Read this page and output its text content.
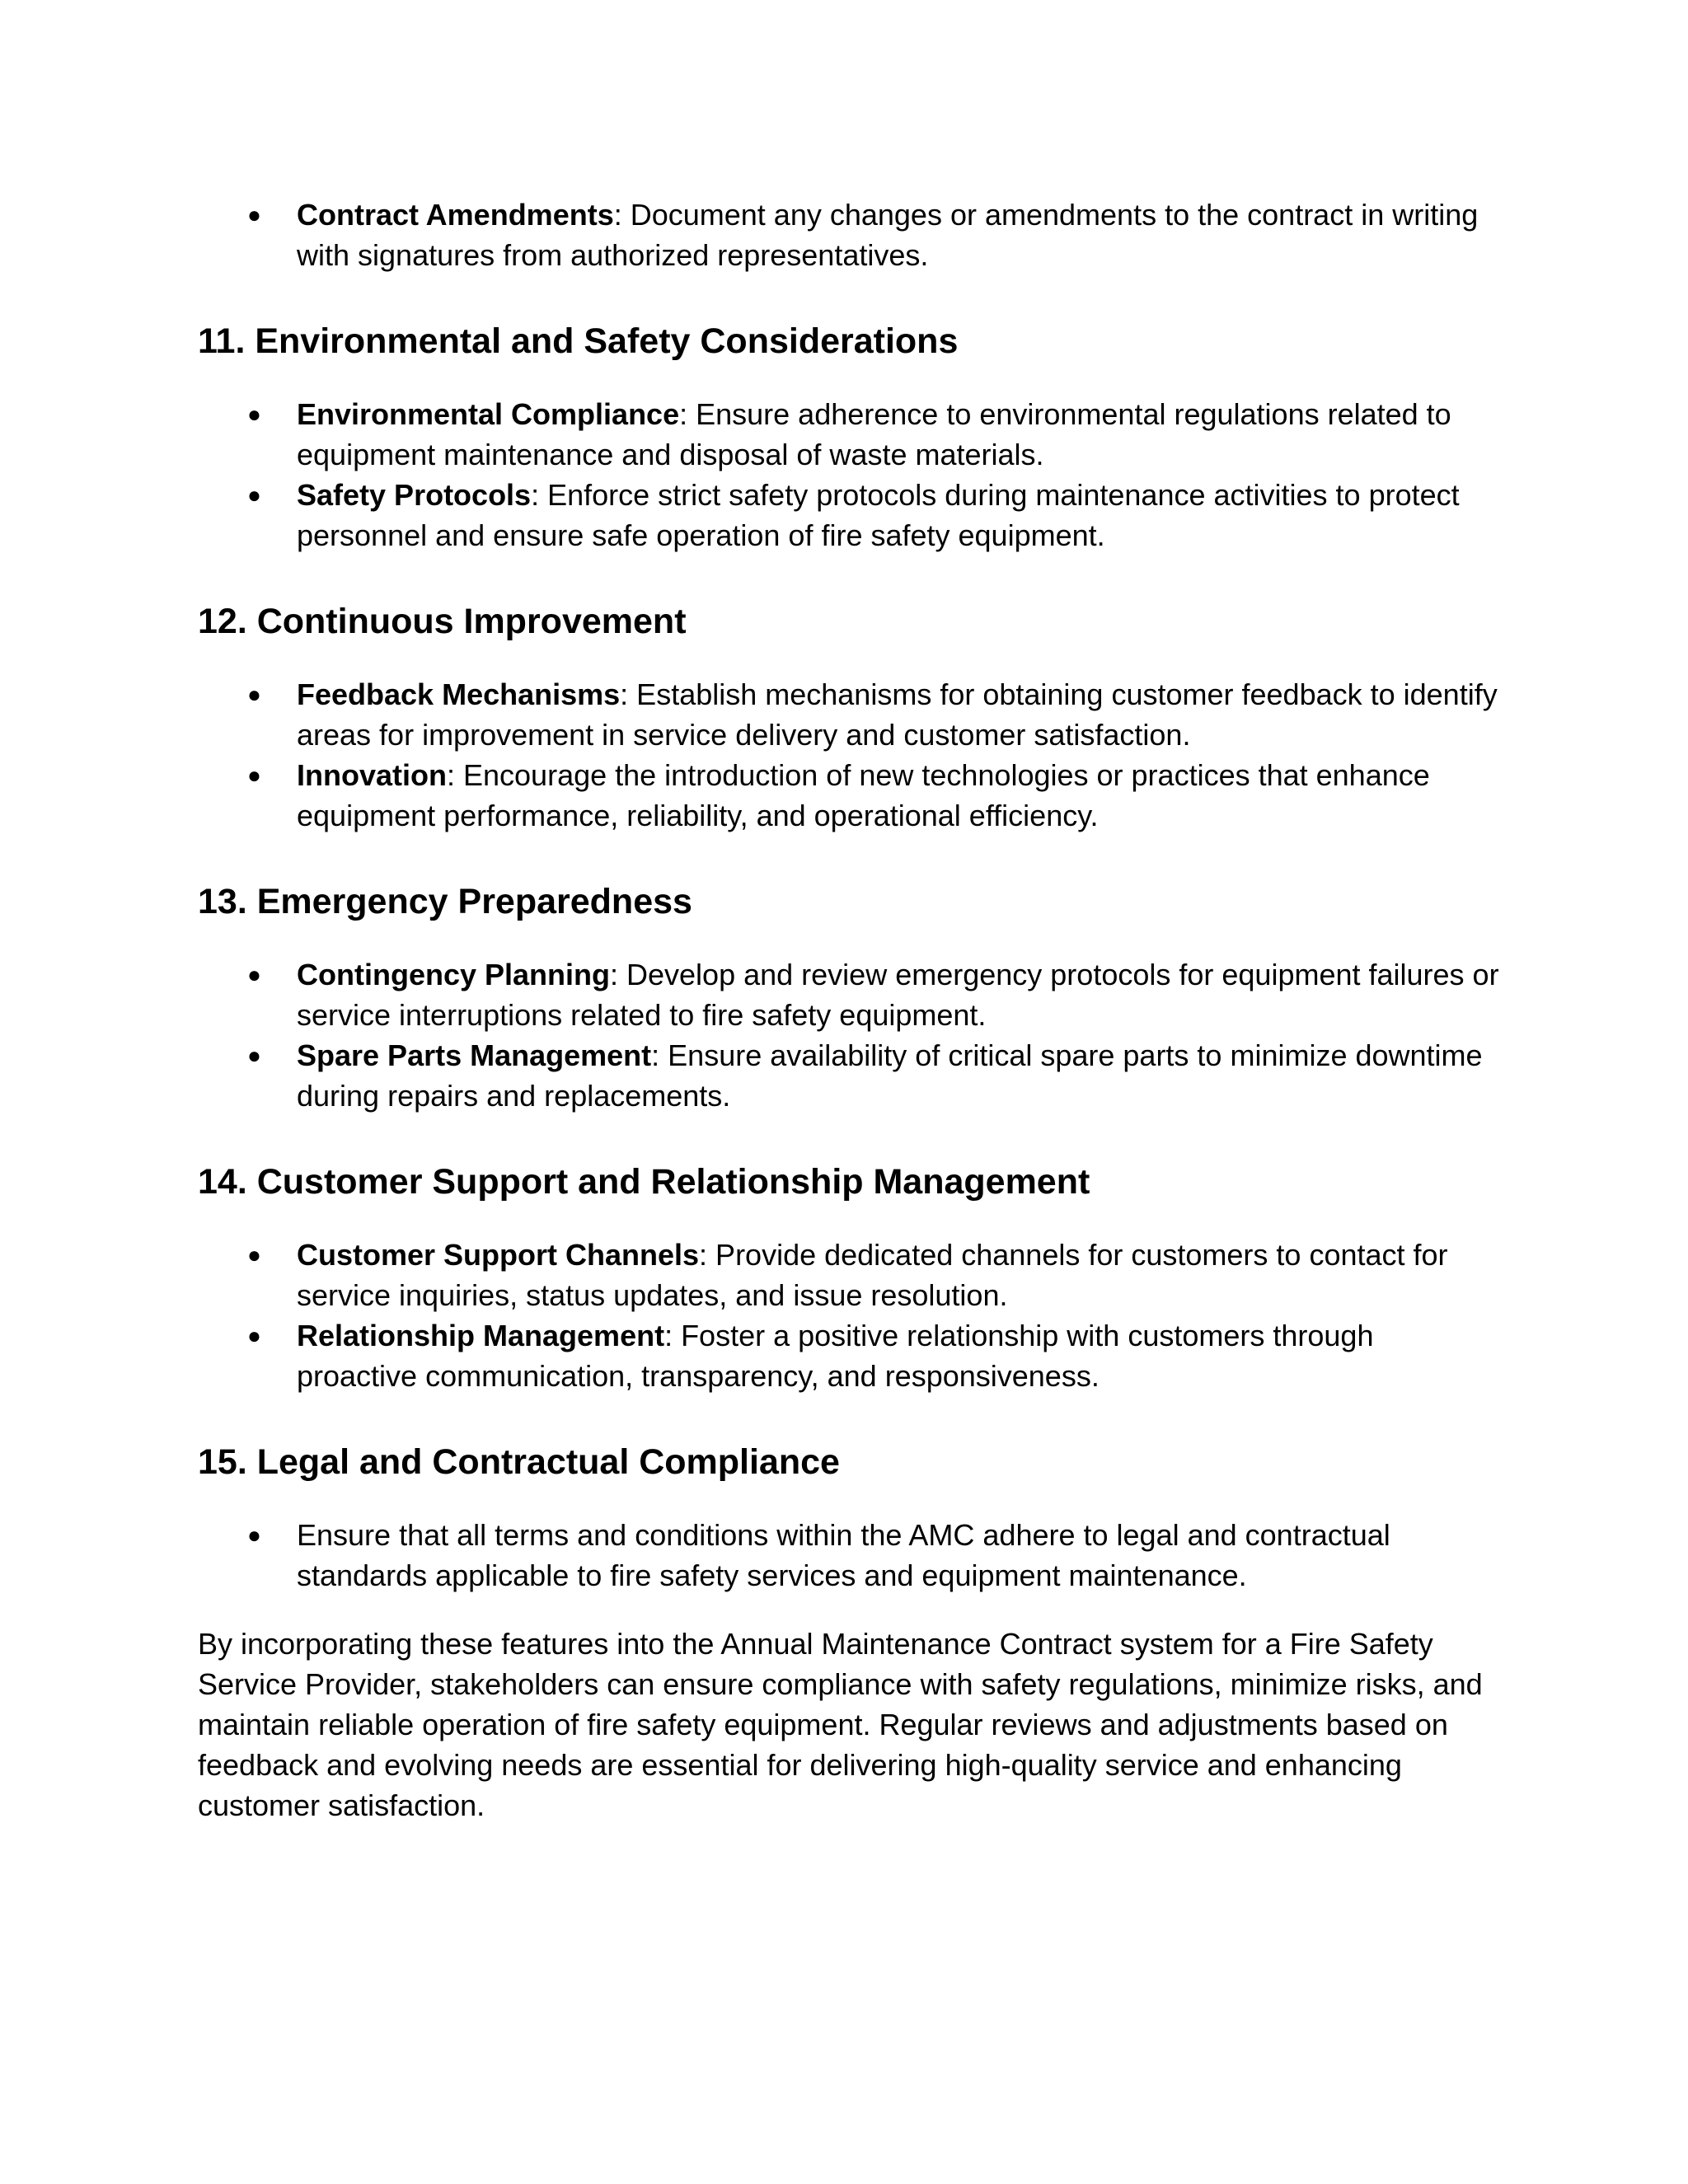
● Contract Amendments: Document any changes or amendments to the contract in writing with signatures from authorized representatives.
11. Environmental and Safety Considerations
● Environmental Compliance: Ensure adherence to environmental regulations related to equipment maintenance and disposal of waste materials.
● Safety Protocols: Enforce strict safety protocols during maintenance activities to protect personnel and ensure safe operation of fire safety equipment.
12. Continuous Improvement
● Feedback Mechanisms: Establish mechanisms for obtaining customer feedback to identify areas for improvement in service delivery and customer satisfaction.
● Innovation: Encourage the introduction of new technologies or practices that enhance equipment performance, reliability, and operational efficiency.
13. Emergency Preparedness
● Contingency Planning: Develop and review emergency protocols for equipment failures or service interruptions related to fire safety equipment.
● Spare Parts Management: Ensure availability of critical spare parts to minimize downtime during repairs and replacements.
14. Customer Support and Relationship Management
● Customer Support Channels: Provide dedicated channels for customers to contact for service inquiries, status updates, and issue resolution.
● Relationship Management: Foster a positive relationship with customers through proactive communication, transparency, and responsiveness.
15. Legal and Contractual Compliance
● Ensure that all terms and conditions within the AMC adhere to legal and contractual standards applicable to fire safety services and equipment maintenance.

By incorporating these features into the Annual Maintenance Contract system for a Fire Safety Service Provider, stakeholders can ensure compliance with safety regulations, minimize risks, and maintain reliable operation of fire safety equipment. Regular reviews and adjustments based on feedback and evolving needs are essential for delivering high-quality service and enhancing customer satisfaction.
